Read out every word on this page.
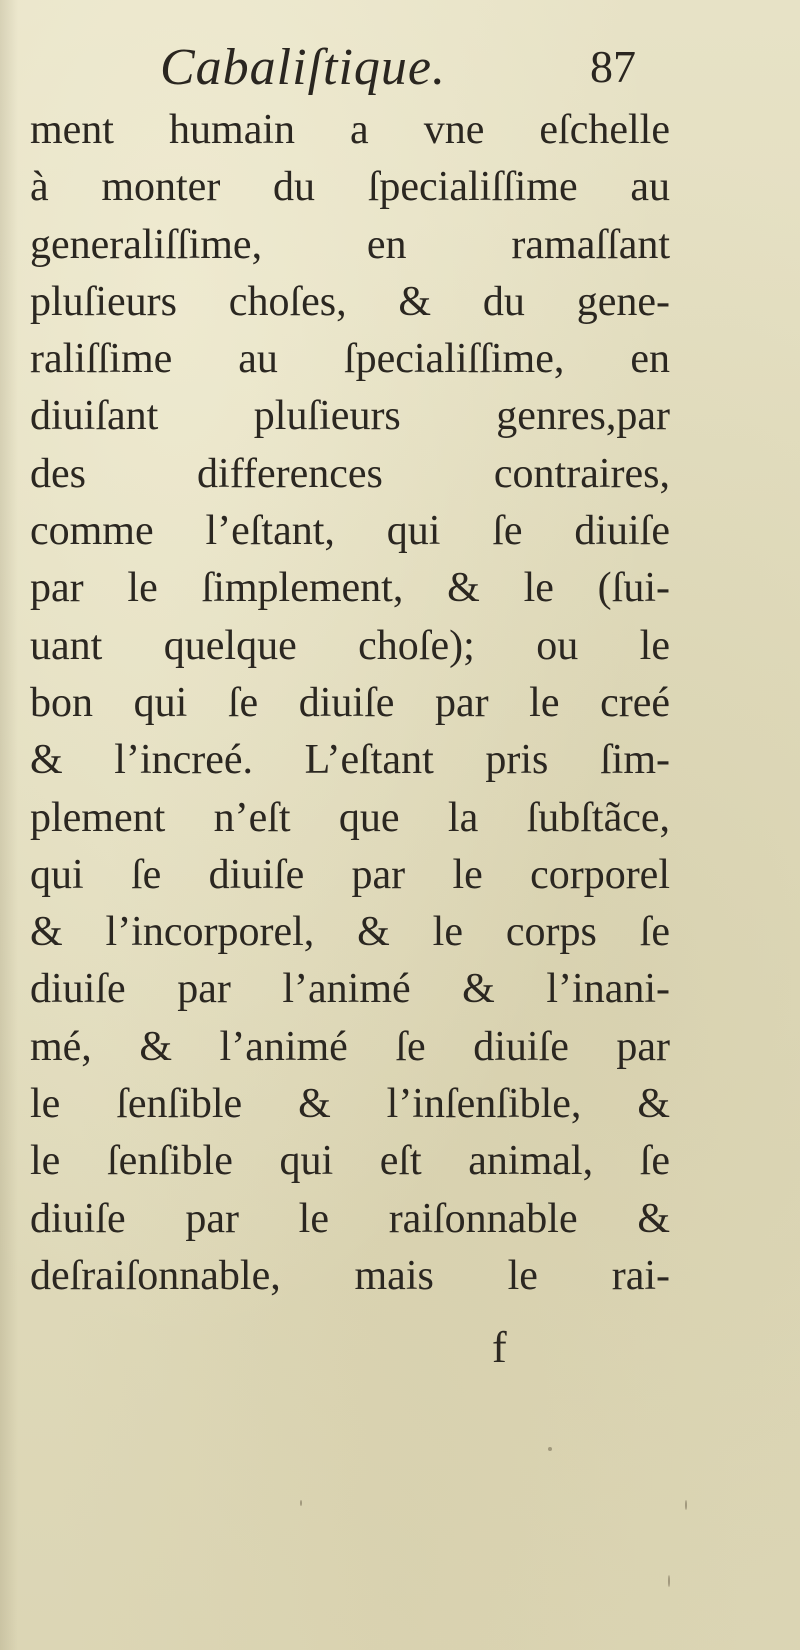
Cabaliſtique.	87
ment humain a vne eſchelle
à monter du ſpecialiſſime au
generaliſſime, en ramaſſant
pluſieurs choſes, & du gene-
raliſſime au ſpecialiſſime, en
diuiſant pluſieurs genres,par
des differences contraires,
comme l’eſtant, qui ſe diuiſe
par le ſimplement, & le (ſui-
uant quelque choſe); ou le
bon qui ſe diuiſe par le creé
& l’increé. L’eſtant pris ſim-
plement n’eſt que la ſubſtãce,
qui ſe diuiſe par le corporel
& l’incorporel, & le corps ſe
diuiſe par l’animé & l’inani-
mé, & l’animé ſe diuiſe par
le ſenſible & l’inſenſible, &
le ſenſible qui eſt animal, ſe
diuiſe par le raiſonnable &
deſraiſonnable, mais le rai-
f
